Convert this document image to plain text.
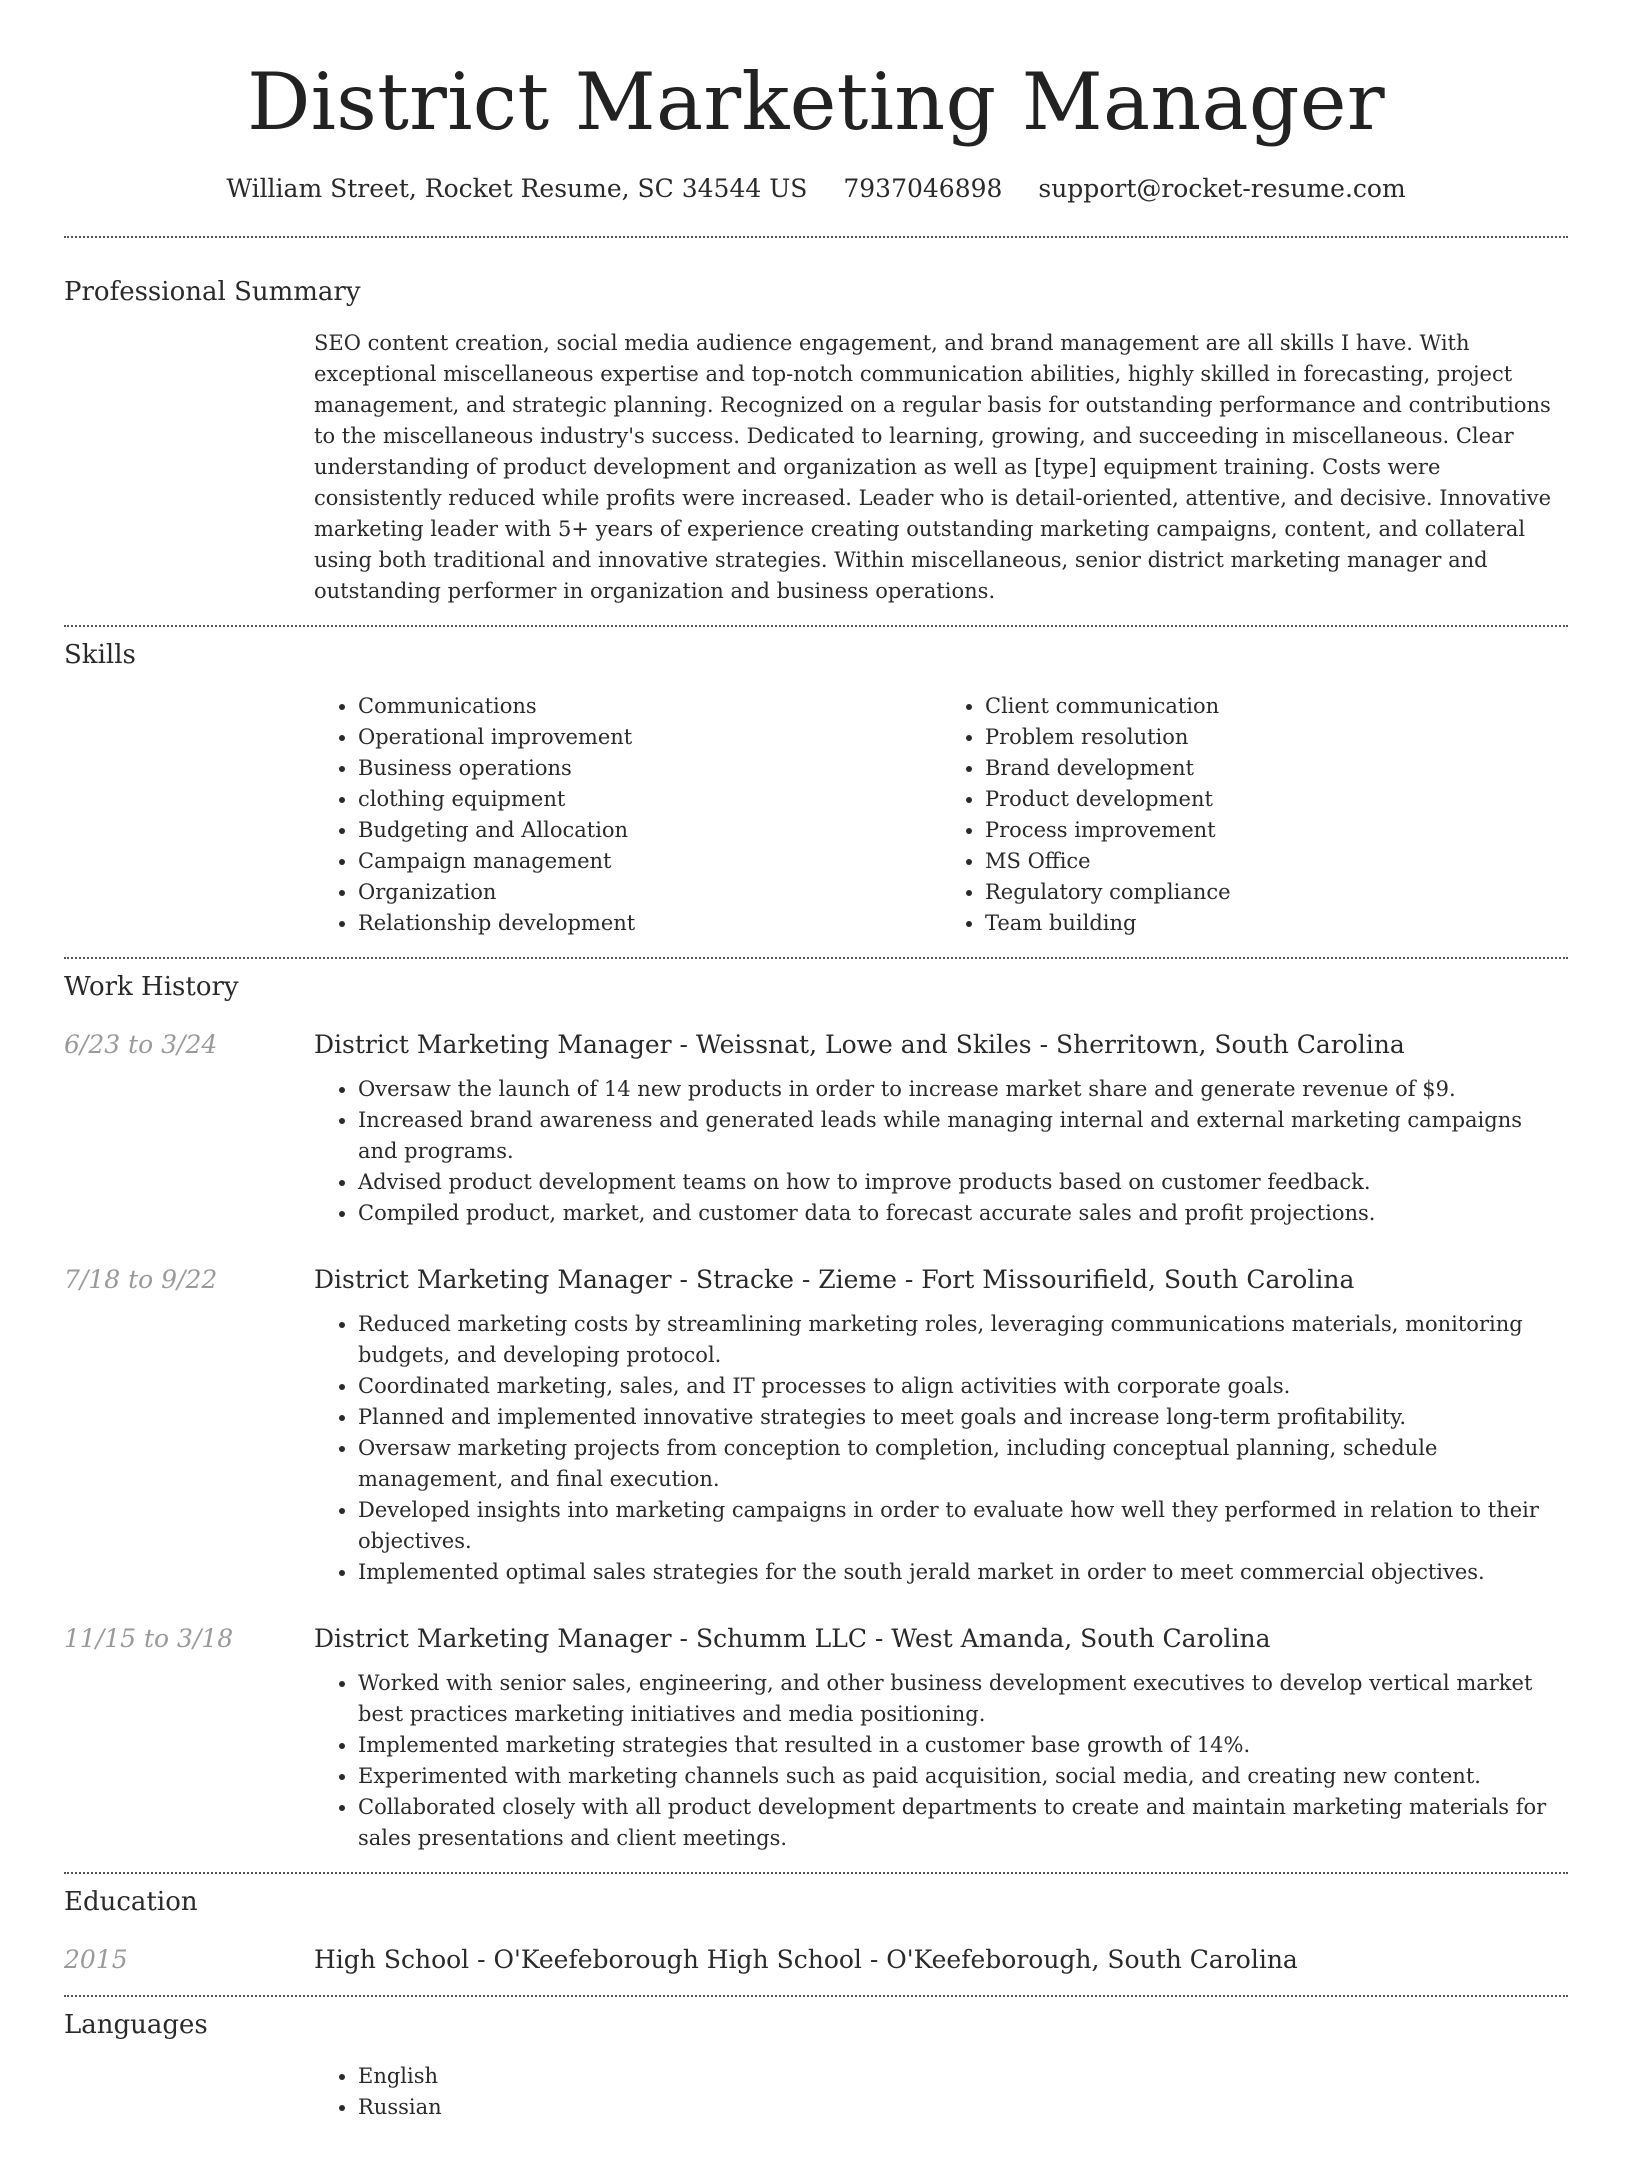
District Marketing Manager
William Street, Rocket Resume, SC 34544 US 7937046898 support@rocket-resume.com
Professional Summary

SEO content creation, social media audience engagement, and brand management are all skills I have. With exceptional miscellaneous expertise and top-notch communication abilities, highly skilled in forecasting, project management, and strategic planning. Recognized on a regular basis for outstanding performance and contributions to the miscellaneous industry's success. Dedicated to learning, growing, and succeeding in miscellaneous. Clear understanding of product development and organization as well as [type] equipment training. Costs were consistently reduced while profits were increased. Leader who is detail-oriented, attentive, and decisive. Innovative marketing leader with 5+ years of experience creating outstanding marketing campaigns, content, and collateral using both traditional and innovative strategies. Within miscellaneous, senior district marketing manager and outstanding performer in organization and business operations.

Skills
• Communications
• Operational improvement
• Business operations
• clothing equipment
• Budgeting and Allocation
• Campaign management
• Organization
• Relationship development
• Client communication
• Problem resolution
• Brand development
• Product development
• Process improvement
• MS Office
• Regulatory compliance
• Team building
Work History
6/23 to 3/24	District Marketing Manager - Weissnat, Lowe and Skiles - Sherritown, South Carolina
• Oversaw the launch of 14 new products in order to increase market share and generate revenue of $9.
• Increased brand awareness and generated leads while managing internal and external marketing campaigns and programs.
• Advised product development teams on how to improve products based on customer feedback.
• Compiled product, market, and customer data to forecast accurate sales and profit projections.
7/18 to 9/22	District Marketing Manager - Stracke - Zieme - Fort Missourifield, South Carolina
• Reduced marketing costs by streamlining marketing roles, leveraging communications materials, monitoring budgets, and developing protocol.
• Coordinated marketing, sales, and IT processes to align activities with corporate goals.
• Planned and implemented innovative strategies to meet goals and increase long-term profitability.
• Oversaw marketing projects from conception to completion, including conceptual planning, schedule management, and final execution.
• Developed insights into marketing campaigns in order to evaluate how well they performed in relation to their objectives.
• Implemented optimal sales strategies for the south jerald market in order to meet commercial objectives.
11/15 to 3/18	District Marketing Manager - Schumm LLC - West Amanda, South Carolina
• Worked with senior sales, engineering, and other business development executives to develop vertical market best practices marketing initiatives and media positioning.
• Implemented marketing strategies that resulted in a customer base growth of 14%.
• Experimented with marketing channels such as paid acquisition, social media, and creating new content.
• Collaborated closely with all product development departments to create and maintain marketing materials for sales presentations and client meetings.
Education
2015	High School - O'Keefeborough High School - O'Keefeborough, South Carolina
Languages
• English
• Russian
